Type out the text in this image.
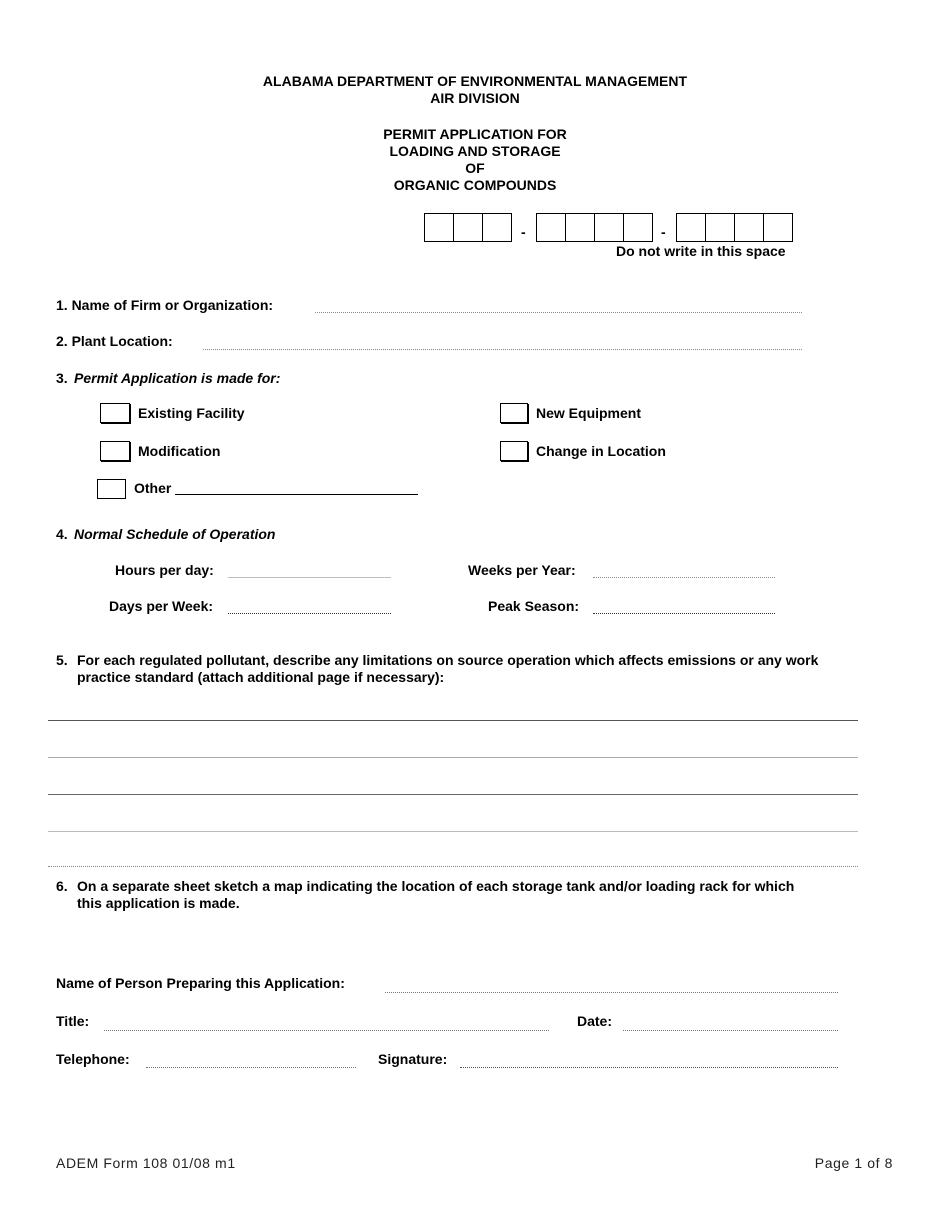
ALABAMA DEPARTMENT OF ENVIRONMENTAL MANAGEMENT
AIR DIVISION
PERMIT APPLICATION FOR
LOADING AND STORAGE
OF
ORGANIC COMPOUNDS
-	-
Do not write in this space
1. Name of Firm or Organization:
2. Plant Location:
3. Permit Application is made for:
Existing Facility	New Equipment
Modification	Change in Location
Other
4. Normal Schedule of Operation
Hours per day:	Weeks per Year:
Days per Week:	Peak Season:
5. For each regulated pollutant, describe any limitations on source operation which affects emissions or any work
practice standard (attach additional page if necessary):
6. On a separate sheet sketch a map indicating the location of each storage tank and/or loading rack for which
this application is made.
Name of Person Preparing this Application:
Title:	Date:
Telephone:	Signature:
ADEM Form 108 01/08 m1	Page 1 of 8
